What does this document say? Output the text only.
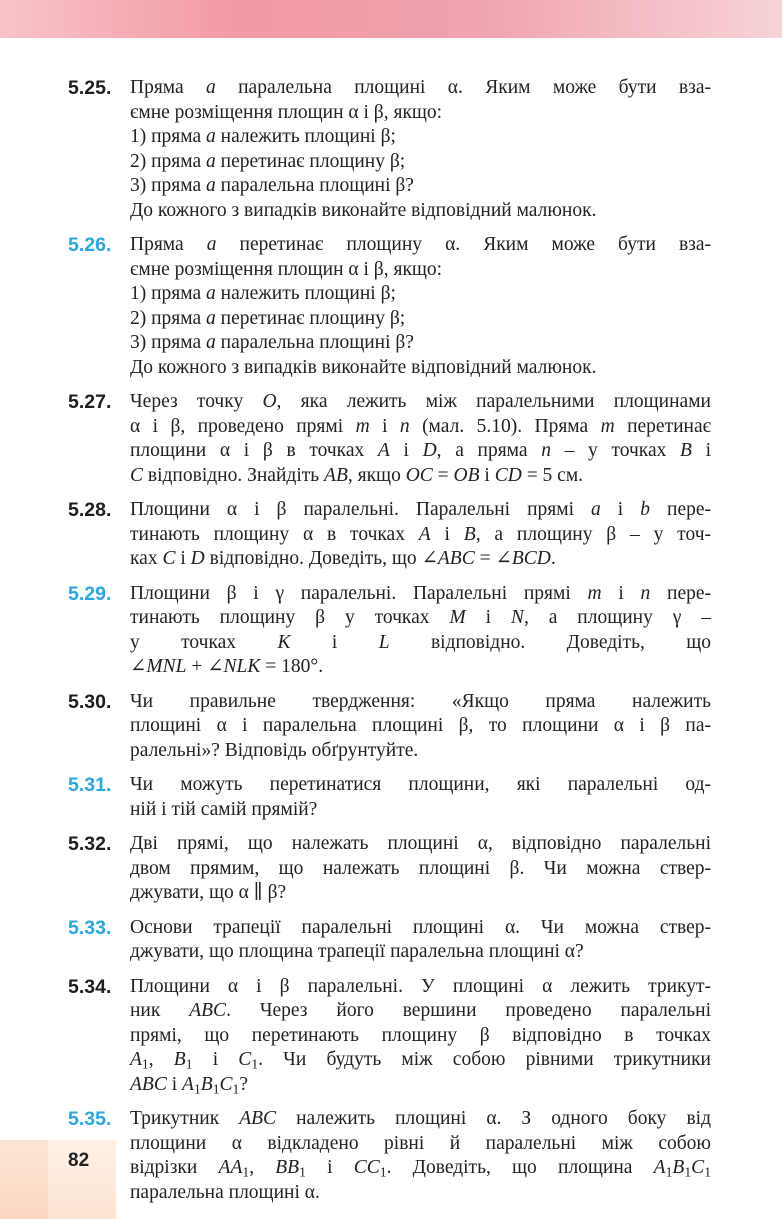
82
5.25. Пряма a паралельна площині α. Яким може бути вза-
ємне розміщення площин α і β, якщо:
1) пряма a належить площині β;
2) пряма a перетинає площину β;
3) пряма a паралельна площині β?
До кожного з випадків виконайте відповідний малюнок.
5.26. Пряма a перетинає площину α. Яким може бути вза-
ємне розміщення площин α і β, якщо:
1) пряма a належить площині β;
2) пряма a перетинає площину β;
3) пряма a паралельна площині β?
До кожного з випадків виконайте відповідний малюнок.
5.27. Через точку O, яка лежить між паралельними площинами
α і β, проведено прямі m і n (мал. 5.10). Пряма m перетинає
площини α і β в точках A і D, а пряма n – у точках B і
C відповідно. Знайдіть AB, якщо OC = OB і CD = 5 см.
5.28. Площини α і β паралельні. Паралельні прямі a і b пере-
тинають площину α в точках A і B, а площину β – у точ-
ках C і D відповідно. Доведіть, що ∠ABC = ∠BCD.
5.29. Площини β і γ паралельні. Паралельні прямі m і n пере-
тинають площину β у точках M і N, а площину γ –
у точках K і L відповідно. Доведіть, що
∠MNL + ∠NLK = 180°.
5.30. Чи правильне твердження: «Якщо пряма належить
площині α і паралельна площині β, то площини α і β па-
ралельні»? Відповідь обґрунтуйте.
5.31. Чи можуть перетинатися площини, які паралельні од-
ній і тій самій прямій?
5.32. Дві прямі, що належать площині α, відповідно паралельні
двом прямим, що належать площині β. Чи можна ствер-
джувати, що α ∥ β?
5.33. Основи трапеції паралельні площині α. Чи можна ствер-
джувати, що площина трапеції паралельна площині α?
5.34. Площини α і β паралельні. У площині α лежить трикут-
ник ABC. Через його вершини проведено паралельні
прямі, що перетинають площину β відповідно в точках
$A_1$, $B_1$ і $C_1$. Чи будуть між собою рівними трикутники
ABC і $A_1B_1C_1$?
5.35. Трикутник ABC належить площині α. З одного боку від
площини α відкладено рівні й паралельні між собою
відрізки $AA_1$, $BB_1$ і $CC_1$. Доведіть, що площина $A_1B_1C_1$
паралельна площині α.
